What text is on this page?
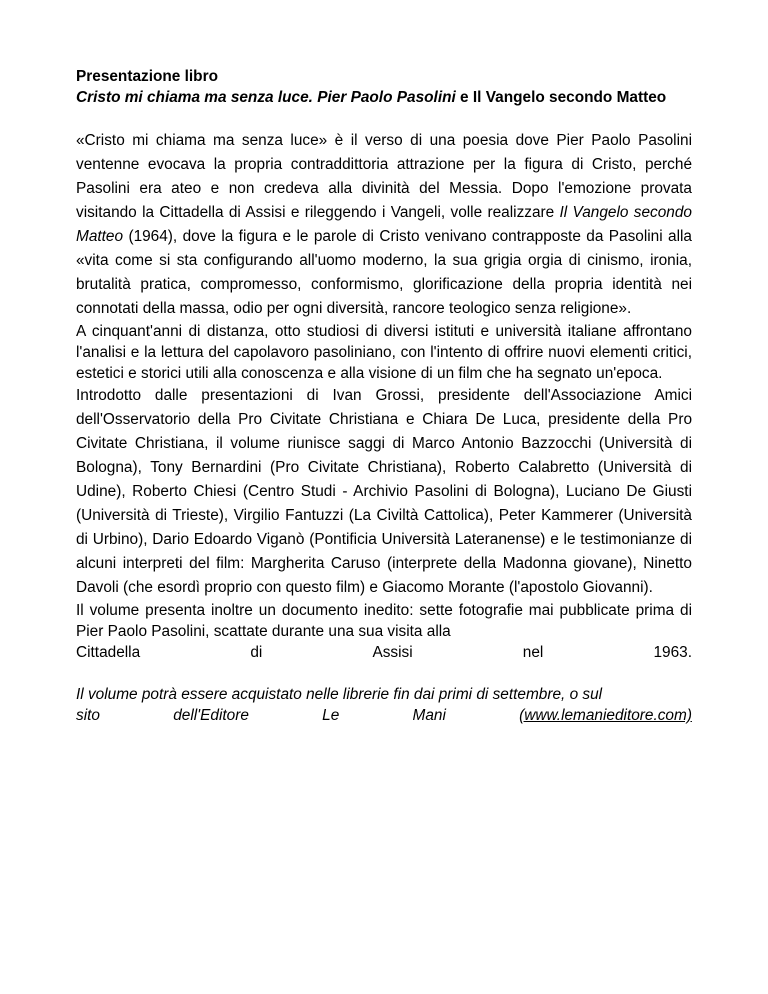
Presentazione libro

Cristo mi chiama ma senza luce. Pier Paolo Pasolini e Il Vangelo secondo Matteo

«Cristo mi chiama ma senza luce» è il verso di una poesia dove Pier Paolo Pasolini ventenne evocava la propria contraddittoria attrazione per la figura di Cristo, perché Pasolini era ateo e non credeva alla divinità del Messia. Dopo l'emozione provata visitando la Cittadella di Assisi e rileggendo i Vangeli, volle realizzare Il Vangelo secondo Matteo (1964), dove la figura e le parole di Cristo venivano contrapposte da Pasolini alla «vita come si sta configurando all'uomo moderno, la sua grigia orgia di cinismo, ironia, brutalità pratica, compromesso, conformismo, glorificazione della propria identità nei connotati della massa, odio per ogni diversità, rancore teologico senza religione».

A cinquant'anni di distanza, otto studiosi di diversi istituti e università italiane affrontano l'analisi e la lettura del capolavoro pasoliniano, con l'intento di offrire nuovi elementi critici, estetici e storici utili alla conoscenza e alla visione di un film che ha segnato un'epoca.

Introdotto dalle presentazioni di Ivan Grossi, presidente dell'Associazione Amici dell'Osservatorio della Pro Civitate Christiana e Chiara De Luca, presidente della Pro Civitate Christiana, il volume riunisce saggi di Marco Antonio Bazzocchi (Università di Bologna), Tony Bernardini (Pro Civitate Christiana), Roberto Calabretto (Università di Udine), Roberto Chiesi (Centro Studi - Archivio Pasolini di Bologna), Luciano De Giusti (Università di Trieste), Virgilio Fantuzzi (La Civiltà Cattolica), Peter Kammerer (Università di Urbino), Dario Edoardo Viganò (Pontificia Università Lateranense) e le testimonianze di alcuni interpreti del film: Margherita Caruso (interprete della Madonna giovane), Ninetto Davoli (che esordì proprio con questo film) e Giacomo Morante (l'apostolo Giovanni).

Il volume presenta inoltre un documento inedito: sette fotografie mai pubblicate prima di Pier Paolo Pasolini, scattate durante una sua visita alla

Cittadella	di	Assisi	nel	1963.
Il volume potrà essere acquistato nelle librerie fin dai primi di settembre, o sul
sito	dell'Editore	Le	Mani	(www.lemanieditore.com)
